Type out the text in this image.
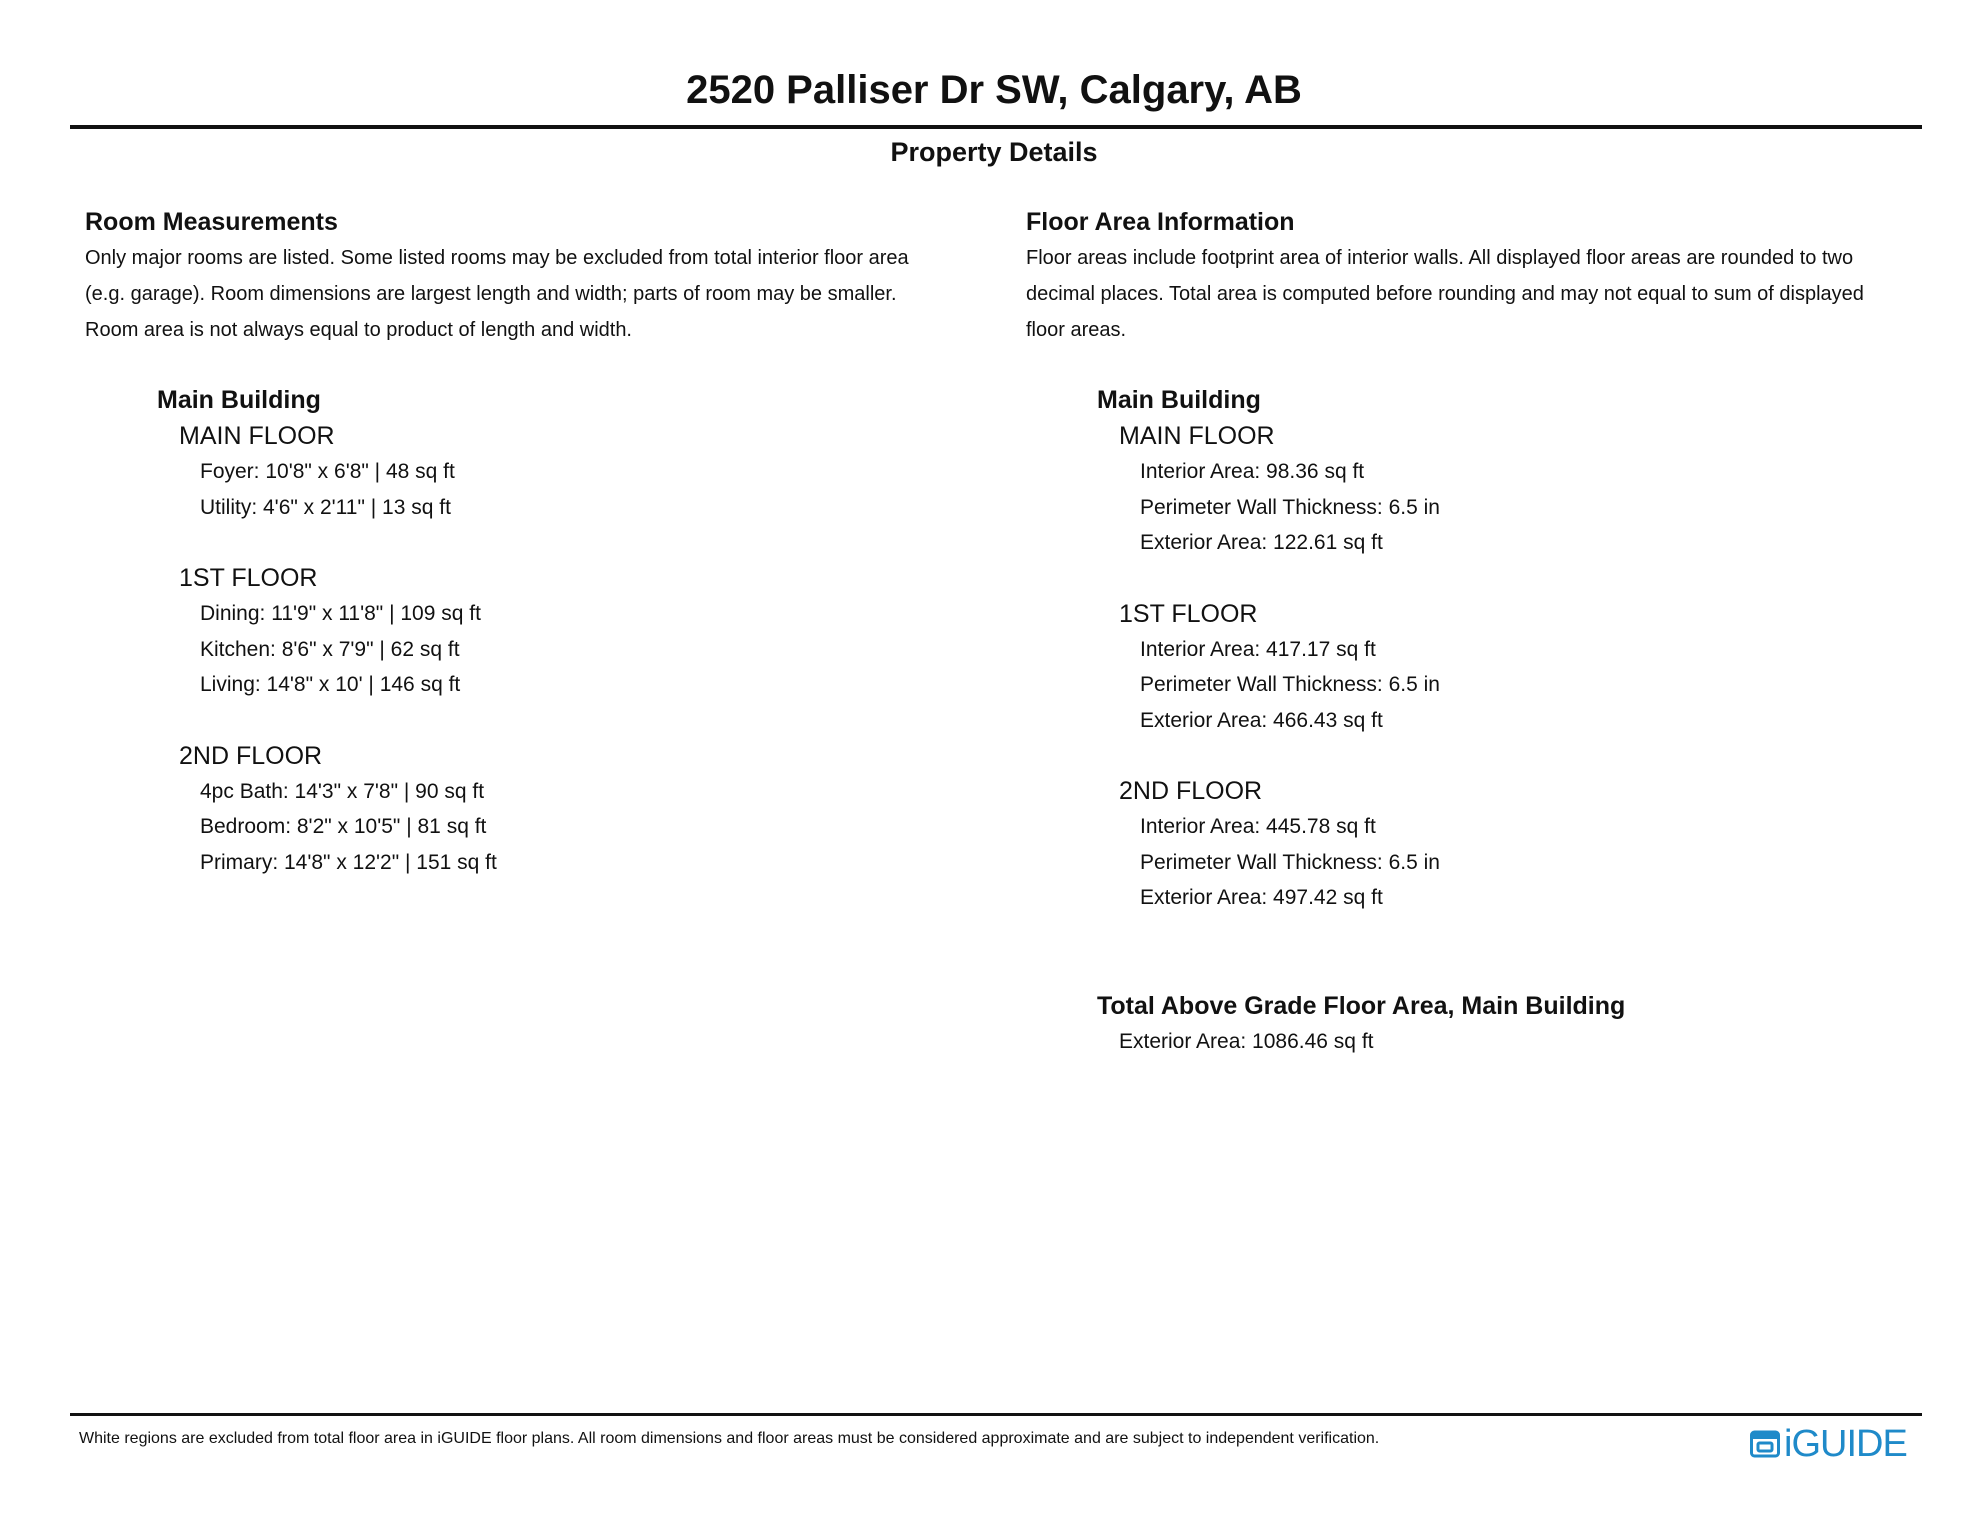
2520 Palliser Dr SW, Calgary, AB
Property Details

Room Measurements

Only major rooms are listed. Some listed rooms may be excluded from total interior floor area

(e.g. garage). Room dimensions are largest length and width; parts of room may be smaller.

Room area is not always equal to product of length and width.

Floor Area Information

Floor areas include footprint area of interior walls. All displayed floor areas are rounded to two

decimal places. Total area is computed before rounding and may not equal to sum of displayed

floor areas.

Main Building
MAIN FLOOR
Foyer: 10'8" x 6'8" | 48 sq ft
Utility: 4'6" x 2'11" | 13 sq ft
1ST FLOOR
Dining: 11'9" x 11'8" | 109 sq ft
Kitchen: 8'6" x 7'9" | 62 sq ft
Living: 14'8" x 10' | 146 sq ft
2ND FLOOR
4pc Bath: 14'3" x 7'8" | 90 sq ft
Bedroom: 8'2" x 10'5" | 81 sq ft
Primary: 14'8" x 12'2" | 151 sq ft
Main Building
MAIN FLOOR
Interior Area: 98.36 sq ft
Perimeter Wall Thickness: 6.5 in
Exterior Area: 122.61 sq ft
1ST FLOOR
Interior Area: 417.17 sq ft
Perimeter Wall Thickness: 6.5 in
Exterior Area: 466.43 sq ft
2ND FLOOR
Interior Area: 445.78 sq ft
Perimeter Wall Thickness: 6.5 in
Exterior Area: 497.42 sq ft
Total Above Grade Floor Area, Main Building
Exterior Area: 1086.46 sq ft
White regions are excluded from total floor area in iGUIDE floor plans. All room dimensions and floor areas must be considered approximate and are subject to independent verification.	iGUIDE
